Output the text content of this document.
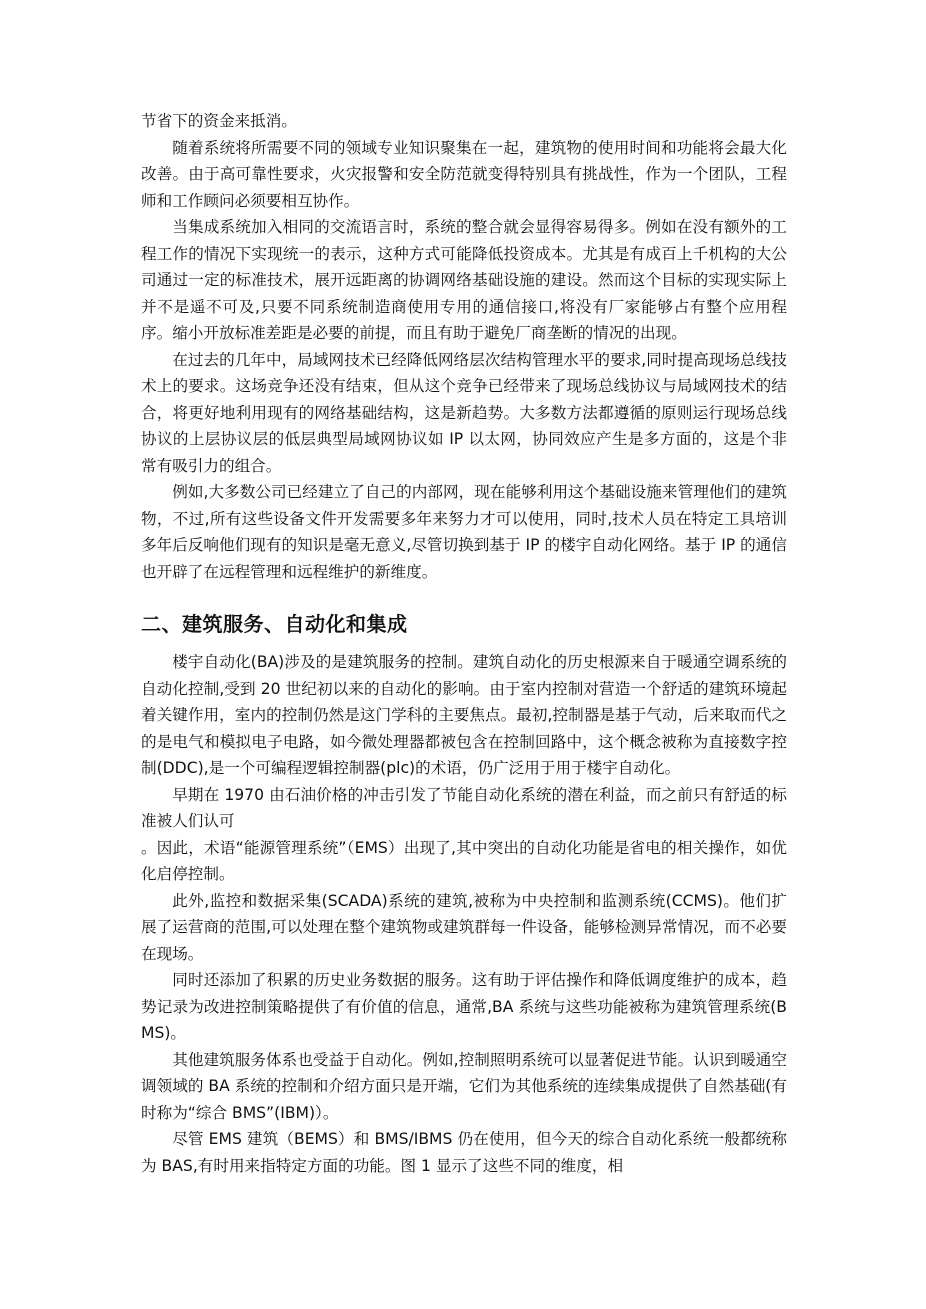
节省下的资金来抵消。

随着系统将所需要不同的领域专业知识聚集在一起，建筑物的使用时间和功能将会最大化改善。由于高可靠性要求，火灾报警和安全防范就变得特别具有挑战性，作为一个团队，工程师和工作顾问必须要相互协作。

当集成系统加入相同的交流语言时，系统的整合就会显得容易得多。例如在没有额外的工程工作的情况下实现统一的表示，这种方式可能降低投资成本。尤其是有成百上千机构的大公司通过一定的标准技术，展开远距离的协调网络基础设施的建设。然而这个目标的实现实际上并不是遥不可及,只要不同系统制造商使用专用的通信接口,将没有厂家能够占有整个应用程序。缩小开放标准差距是必要的前提，而且有助于避免厂商垄断的情况的出现。

在过去的几年中，局域网技术已经降低网络层次结构管理水平的要求,同时提高现场总线技术上的要求。这场竞争还没有结束，但从这个竞争已经带来了现场总线协议与局域网技术的结合，将更好地利用现有的网络基础结构，这是新趋势。大多数方法都遵循的原则运行现场总线协议的上层协议层的低层典型局域网协议如 IP 以太网，协同效应产生是多方面的，这是个非常有吸引力的组合。

例如,大多数公司已经建立了自己的内部网，现在能够利用这个基础设施来管理他们的建筑物，不过,所有这些设备文件开发需要多年来努力才可以使用，同时,技术人员在特定工具培训多年后反响他们现有的知识是毫无意义,尽管切换到基于 IP 的楼宇自动化网络。基于 IP 的通信也开辟了在远程管理和远程维护的新维度。

二、建筑服务、自动化和集成

楼宇自动化(BA)涉及的是建筑服务的控制。建筑自动化的历史根源来自于暖通空调系统的自动化控制,受到 20 世纪初以来的自动化的影响。由于室内控制对营造一个舒适的建筑环境起着关键作用，室内的控制仍然是这门学科的主要焦点。最初,控制器是基于气动，后来取而代之的是电气和模拟电子电路，如今微处理器都被包含在控制回路中，这个概念被称为直接数字控制(DDC),是一个可编程逻辑控制器(plc)的术语，仍广泛用于用于楼宇自动化。

早期在 1970 由石油价格的冲击引发了节能自动化系统的潜在利益，而之前只有舒适的标准被人们认可

。因此，术语“能源管理系统”（EMS）出现了,其中突出的自动化功能是省电的相关操作，如优化启停控制。

此外,监控和数据采集(SCADA)系统的建筑,被称为中央控制和监测系统(CCMS)。他们扩展了运营商的范围,可以处理在整个建筑物或建筑群每一件设备，能够检测异常情况，而不必要在现场。

同时还添加了积累的历史业务数据的服务。这有助于评估操作和降低调度维护的成本，趋势记录为改进控制策略提供了有价值的信息，通常,BA 系统与这些功能被称为建筑管理系统(BMS)。

其他建筑服务体系也受益于自动化。例如,控制照明系统可以显著促进节能。认识到暖通空调领域的 BA 系统的控制和介绍方面只是开端，它们为其他系统的连续集成提供了自然基础(有时称为“综合 BMS”(IBM)）。

尽管 EMS 建筑（BEMS）和 BMS/IBMS 仍在使用，但今天的综合自动化系统一般都统称为 BAS,有时用来指特定方面的功能。图 1 显示了这些不同的维度，相
